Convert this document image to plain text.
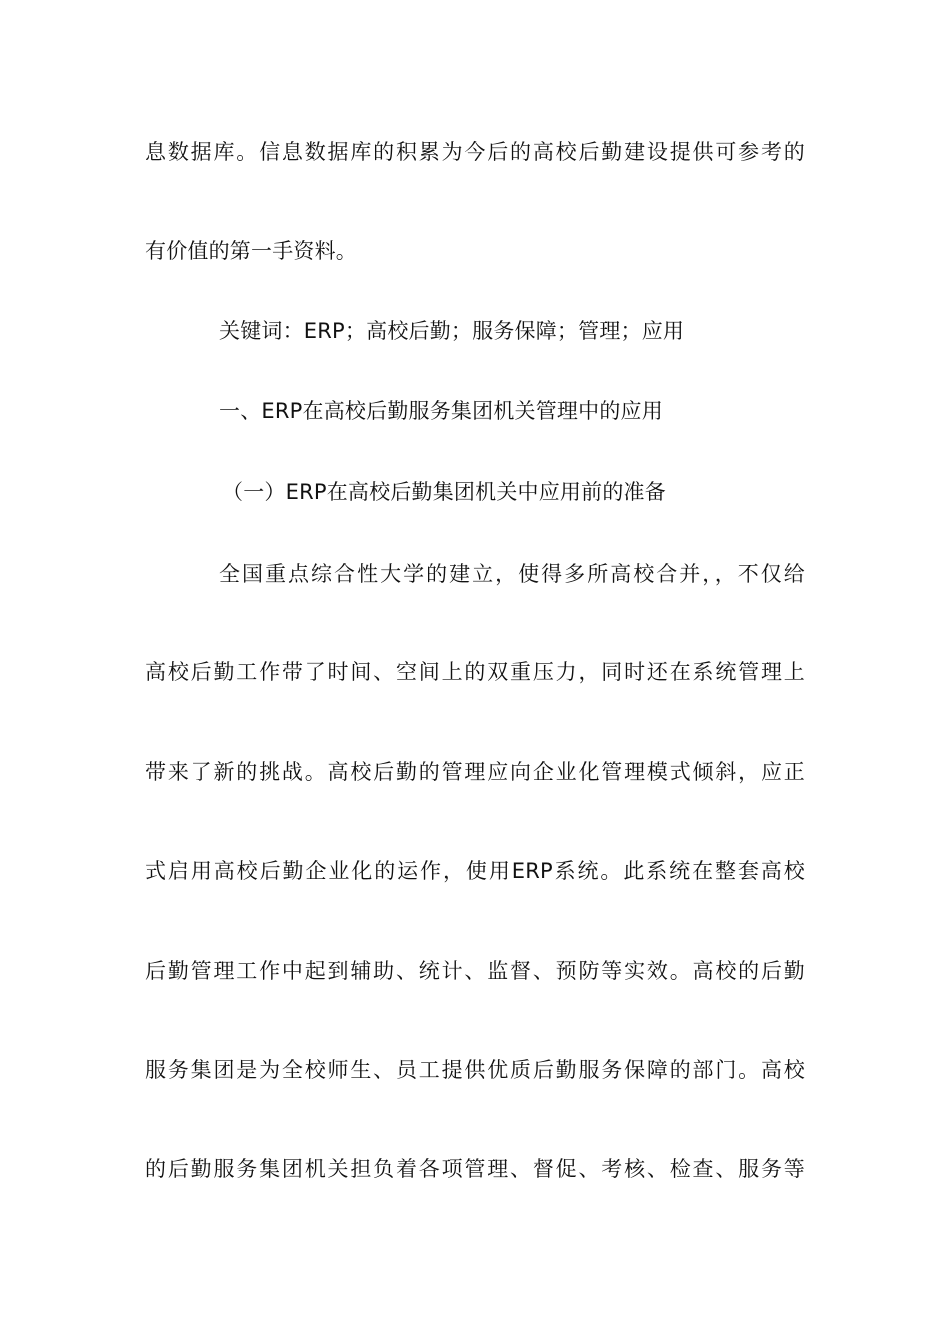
息数据库。信息数据库的积累为今后的高校后勤建设提供可参考的
有价值的第一手资料。
关键词：ERP；高校后勤；服务保障；管理；应用
一、ERP在高校后勤服务集团机关管理中的应用
（一）ERP在高校后勤集团机关中应用前的准备
全国重点综合性大学的建立，使得多所高校合并，，不仅给
高校后勤工作带了时间、空间上的双重压力，同时还在系统管理上
带来了新的挑战。高校后勤的管理应向企业化管理模式倾斜，应正
式启用高校后勤企业化的运作，使用ERP系统。此系统在整套高校
后勤管理工作中起到辅助、统计、监督、预防等实效。高校的后勤
服务集团是为全校师生、员工提供优质后勤服务保障的部门。高校
的后勤服务集团机关担负着各项管理、督促、考核、检查、服务等
